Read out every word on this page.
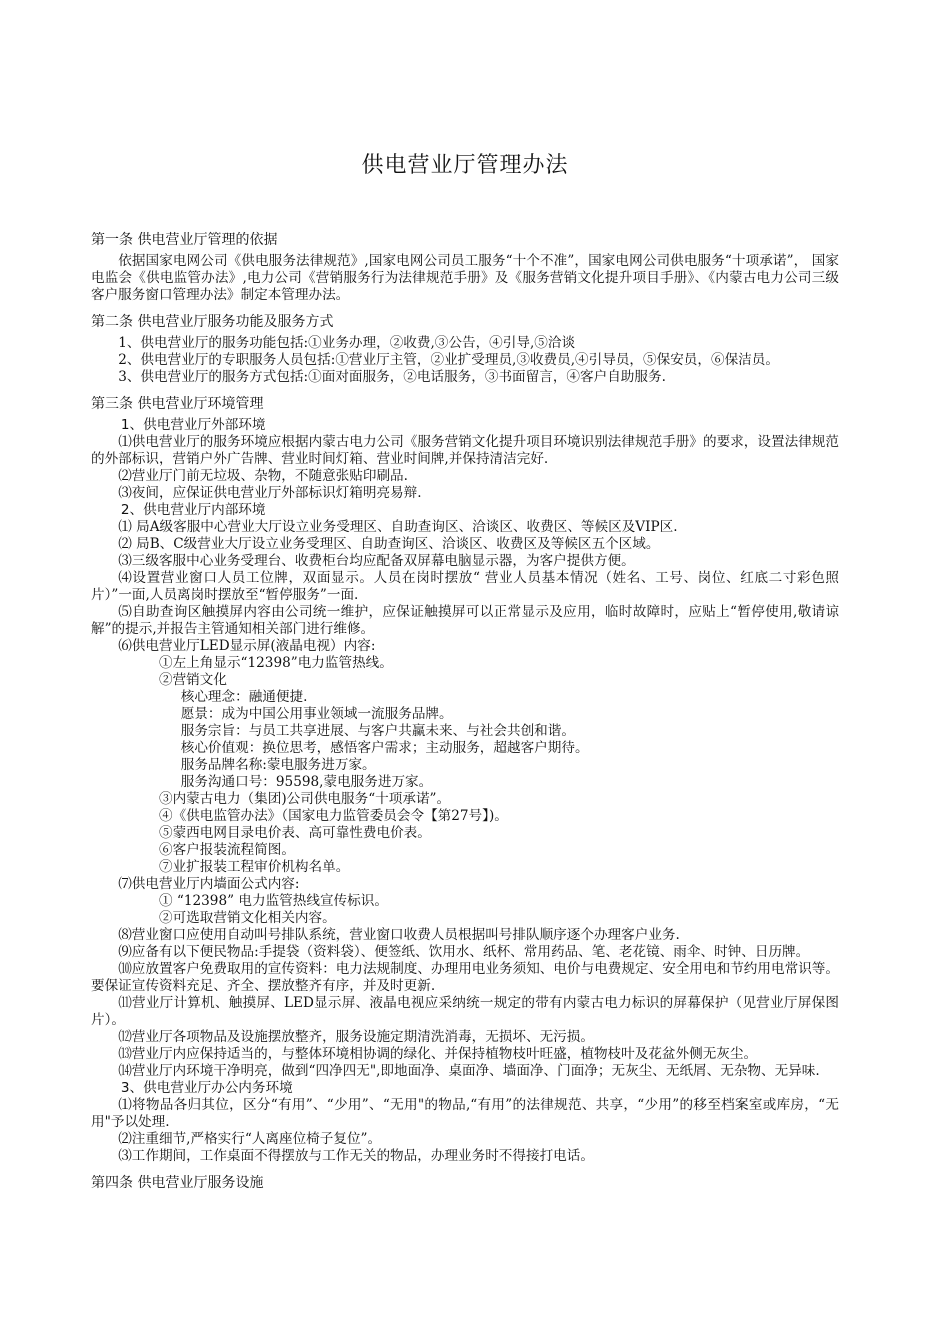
供电营业厅管理办法
第一条 供电营业厅管理的依据
依据国家电网公司《供电服务法律规范》,国家电网公司员工服务“十个不准”，国家电网公司供电服务“十项承诺”， 国家电监会《供电监管办法》,电力公司《营销服务行为法律规范手册》及《服务营销文化提升项目手册》、《内蒙古电力公司三级客户服务窗口管理办法》制定本管理办法。
第二条 供电营业厅服务功能及服务方式
1、供电营业厅的服务功能包括:①业务办理，②收费,③公告，④引导,⑤洽谈
2、供电营业厅的专职服务人员包括:①营业厅主管，②业扩受理员,③收费员,④引导员，⑤保安员，⑥保洁员。
3、供电营业厅的服务方式包括:①面对面服务，②电话服务，③书面留言，④客户自助服务.
第三条 供电营业厅环境管理
1、供电营业厅外部环境
⑴供电营业厅的服务环境应根据内蒙古电力公司《服务营销文化提升项目环境识别法律规范手册》的要求，设置法律规范的外部标识，营销户外广告牌、营业时间灯箱、营业时间牌,并保持清洁完好.
⑵营业厅门前无垃圾、杂物，不随意张贴印刷品.
⑶夜间，应保证供电营业厅外部标识灯箱明亮易辩.
2、供电营业厅内部环境
⑴ 局A级客服中心营业大厅设立业务受理区、自助查询区、洽谈区、收费区、等候区及VIP区.
⑵ 局B、C级营业大厅设立业务受理区、自助查询区、洽谈区、收费区及等候区五个区域。
⑶三级客服中心业务受理台、收费柜台均应配备双屏幕电脑显示器，为客户提供方便。
⑷设置营业窗口人员工位牌，双面显示。人员在岗时摆放“ 营业人员基本情况（姓名、工号、岗位、红底二寸彩色照片）”一面,人员离岗时摆放至“暂停服务”一面.
⑸自助查询区触摸屏内容由公司统一维护，应保证触摸屏可以正常显示及应用，临时故障时，应贴上“暂停使用,敬请谅解”的提示,并报告主管通知相关部门进行维修。
⑹供电营业厅LED显示屏(液晶电视）内容:
①左上角显示“12398”电力监管热线。
②营销文化
核心理念：融通便捷.
愿景：成为中国公用事业领域一流服务品牌。
服务宗旨：与员工共享进展、与客户共赢未来、与社会共创和谐。
核心价值观：换位思考，感悟客户需求；主动服务，超越客户期待。
服务品牌名称:蒙电服务进万家。
服务沟通口号：95598,蒙电服务进万家。
③内蒙古电力（集团)公司供电服务“十项承诺”。
④《供电监管办法》（国家电力监管委员会令【第27号】)。
⑤蒙西电网目录电价表、高可靠性费电价表。
⑥客户报装流程简图。
⑦业扩报装工程审价机构名单。
⑺供电营业厅内墙面公式内容:
① “12398” 电力监管热线宣传标识。
②可选取营销文化相关内容。
⑻营业窗口应使用自动叫号排队系统，营业窗口收费人员根据叫号排队顺序逐个办理客户业务.
⑼应备有以下便民物品:手提袋（资料袋）、便签纸、饮用水、纸杯、常用药品、笔、老花镜、雨伞、时钟、日历牌。
⑽应放置客户免费取用的宣传资料：电力法规制度、办理用电业务须知、电价与电费规定、安全用电和节约用电常识等。要保证宣传资料充足、齐全、摆放整齐有序，并及时更新.
⑾营业厅计算机、触摸屏、LED显示屏、液晶电视应采纳统一规定的带有内蒙古电力标识的屏幕保护（见营业厅屏保图片）。
⑿营业厅各项物品及设施摆放整齐，服务设施定期清洗消毒，无损坏、无污损。
⒀营业厅内应保持适当的，与整体环境相协调的绿化、并保持植物枝叶旺盛，植物枝叶及花盆外侧无灰尘。
⒁营业厅内环境干净明亮，做到“四净四无",即地面净、桌面净、墙面净、门面净；无灰尘、无纸屑、无杂物、无异味.
3、供电营业厅办公内务环境
⑴将物品各归其位，区分“有用”、“少用”、“无用"的物品,“有用”的法律规范、共享，“少用”的移至档案室或库房，“无用"予以处理.
⑵注重细节,严格实行“人离座位椅子复位”。
⑶工作期间，工作桌面不得摆放与工作无关的物品，办理业务时不得接打电话。
第四条 供电营业厅服务设施
